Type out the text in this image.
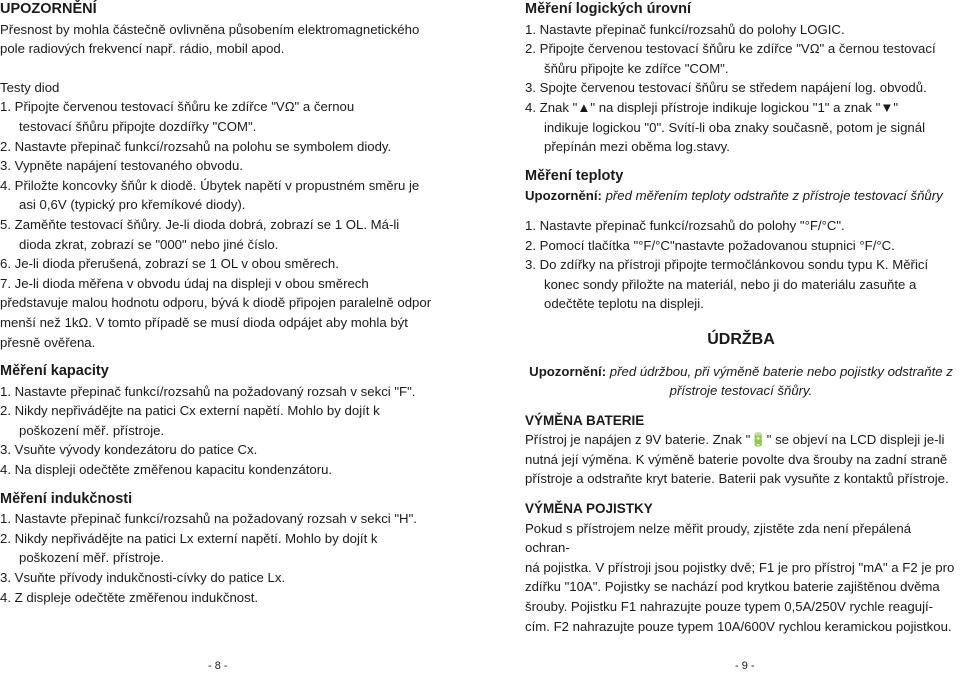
UPOZORNĚNÍ

Přesnost by mohla částečně ovlivněna působením elektromagnetického

pole radiových frekvencí např. rádio, mobil apod.

Testy diod

1. Připojte červenou testovací šňůru ke zdířce "VΩ" a černou

testovací šňůru připojte dozdířky "COM".

2. Nastavte přepinač funkcí/rozsahů na polohu se symbolem diody.

3. Vypněte napájení testovaného obvodu.

4. Přiložte koncovky šňůr k diodě. Úbytek napětí v propustném směru je

asi 0,6V (typický pro křemíkové diody).

5. Zaměňte testovací šňůry. Je-li dioda dobrá, zobrazí se 1 OL. Má-li

dioda zkrat, zobrazí se "000" nebo jiné číslo.

6. Je-li dioda přerušená, zobrazí se 1 OL v obou směrech.

7. Je-li dioda měřena v obvodu údaj na displeji v obou směrech představuje malou hodnotu odporu, bývá k diodě připojen paralelně odpor menší než 1kΩ. V tomto případě se musí dioda odpájet aby mohla být přesně ověřena.

Měření kapacity

1. Nastavte přepinač funkcí/rozsahů na požadovaný rozsah v sekci "F".

2. Nikdy nepřivádějte na patici Cx externí napětí. Mohlo by dojít k

poškození měř. přístroje.

3. Vsuňte vývody kondezátoru do patice Cx.

4. Na displeji odečtěte změřenou kapacitu kondenzátoru.

Měření indukčnosti

1. Nastavte přepinač funkcí/rozsahů na požadovaný rozsah v sekci "H".

2. Nikdy nepřivádějte na patici Lx externí napětí. Mohlo by dojít k

poškození měř. přístroje.

3. Vsuňte přívody indukčnosti-cívky do patice Lx.

4. Z displeje odečtěte změřenou indukčnost.

- 8 -

Měření logických úrovní

1. Nastavte přepinač funkcí/rozsahů do polohy LOGIC.

2. Připojte červenou testovací šňůru ke zdířce "VΩ" a černou testovací

šňůru připojte ke zdířce "COM".

3. Spojte červenou testovací šňůru se středem napájení log. obvodů.

4. Znak "▲" na displeji přístroje indikuje logickou "1" a znak "▼"

indikuje logickou "0". Svítí-li oba znaky současně, potom je signál

přepínán mezi oběma log.stavy.

Měření teploty

Upozornění: před měřením teploty odstraňte z přístroje testovací šňůry

1. Nastavte přepinač funkcí/rozsahů do polohy "°F/°C".

2. Pomocí tlačítka "°F/°C"nastavte požadovanou stupnici °F/°C.

3. Do zdířky na přístroji připojte termočlánkovou sondu typu K. Měřicí

konec sondy přiložte na materiál, nebo ji do materiálu zasuňte a

odečtěte teplotu na displeji.

ÚDRŽBA

Upozornění: před údržbou, při výměně baterie nebo pojistky odstraňte z

přístroje testovací šňůry.

VÝMĚNA BATERIE

Přístroj je napájen z 9V baterie. Znak "🔋" se objeví na LCD displeji je-li

nutná její výměna. K výměně baterie povolte dva šrouby na zadní straně

přístroje a odstraňte kryt baterie. Baterii pak vysuňte z kontaktů přístroje.

VÝMĚNA POJISTKY

Pokud s přístrojem nelze měřit proudy, zjistěte zda není přepálená ochran-

ná pojistka. V přístroji jsou pojistky dvě; F1 je pro přístroj "mA" a F2 je pro

zdířku "10A". Pojistky se nachází pod krytkou baterie zajištěnou dvěma

šrouby. Pojistku F1 nahrazujte pouze typem 0,5A/250V rychle reagují-

cím. F2 nahrazujte pouze typem 10A/600V rychlou keramickou pojistkou.

- 9 -
